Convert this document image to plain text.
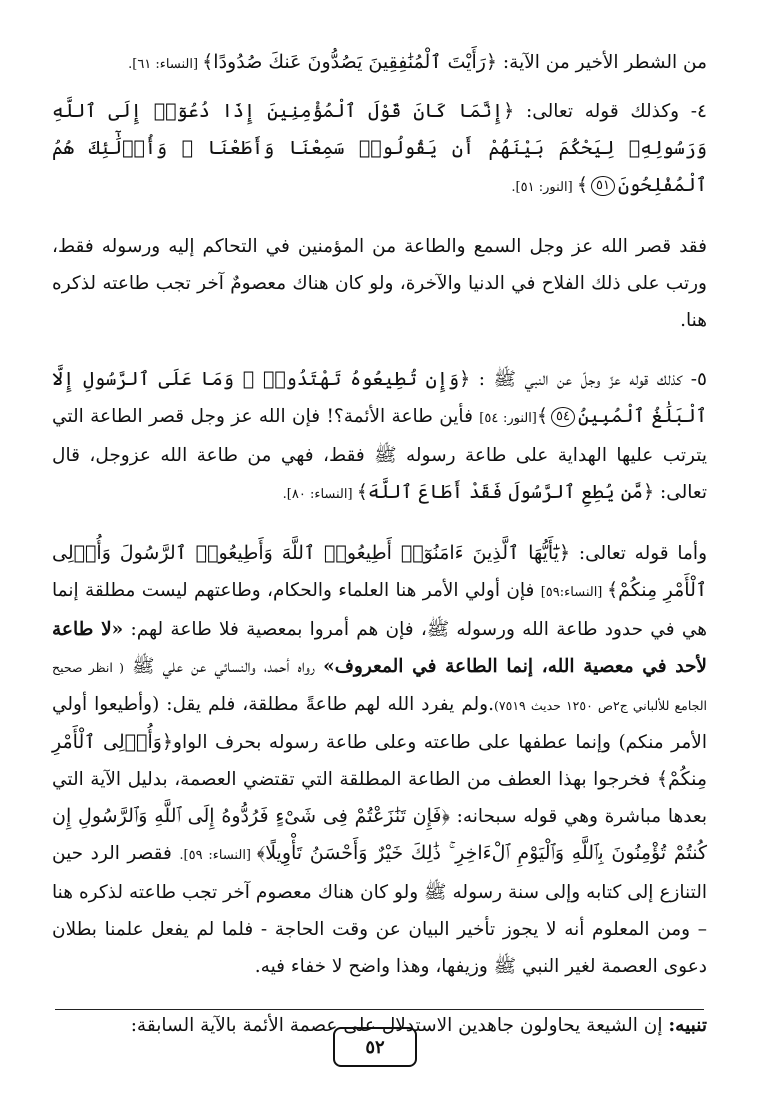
من الشطر الأخير من الآية: ﴿رَأَيْتَ ٱلْمُنَٰفِقِينَ يَصُدُّونَ عَنكَ صُدُودًا﴾ [النساء: ٦١].

٤- وكذلك قوله تعالى: ﴿إِنَّمَا كَانَ قَوْلَ ٱلْمُؤْمِنِينَ إِذَا دُعُوٓا۟ إِلَى ٱللَّهِ وَرَسُولِهِۦ لِيَحْكُمَ بَيْنَهُمْ أَن يَقُولُوا۟ سَمِعْنَا وَأَطَعْنَا ۚ وَأُو۟لَٰٓئِكَ هُمُ ٱلْمُفْلِحُونَ٥١﴾ [النور: ٥١].

فقد قصر الله عز وجل السمع والطاعة من المؤمنين في التحاكم إليه ورسوله فقط، ورتب على ذلك الفلاح في الدنيا والآخرة، ولو كان هناك معصومٌ آخر تجب طاعته لذكره هنا.

٥- كذلك قوله عزّ وجلّ عن النبي ﷺ : ﴿وَإِن تُطِيعُوهُ تَهْتَدُوا۟ ۚ وَمَا عَلَى ٱلرَّسُولِ إِلَّا ٱلْبَلَٰغُ ٱلْمُبِينُ٥٤﴾[النور: ٥٤] فأين طاعة الأئمة؟! فإن الله عز وجل قصر الطاعة التي يترتب عليها الهداية على طاعة رسوله ﷺ فقط، فهي من طاعة الله عزوجل، قال تعالى: ﴿مَّن يُطِعِ ٱلرَّسُولَ فَقَدْ أَطَاعَ ٱللَّهَ﴾ [النساء: ٨٠].

وأما قوله تعالى: ﴿يَٰٓأَيُّهَا ٱلَّذِينَ ءَامَنُوٓا۟ أَطِيعُوا۟ ٱللَّهَ وَأَطِيعُوا۟ ٱلرَّسُولَ وَأُو۟لِى ٱلْأَمْرِ مِنكُمْ﴾ [النساء:٥٩] فإن أولي الأمر هنا العلماء والحكام، وطاعتهم ليست مطلقة إنما هي في حدود طاعة الله ورسوله ﷺ، فإن هم أمروا بمعصية فلا طاعة لهم: «لا طاعة لأحد في معصية الله، إنما الطاعة في المعروف» رواه أحمد، والنسائي عن علي ﷺ ( انظر صحيح الجامع للألباني ج٢ص ١٢٥٠ حديث ٧٥١٩).ولم يفرد الله لهم طاعةً مطلقة، فلم يقل: (وأطيعوا أولي الأمر منكم) وإنما عطفها على طاعته وعلى طاعة رسوله بحرف الواو﴿وَأُو۟لِى ٱلْأَمْرِ مِنكُمْ﴾ فخرجوا بهذا العطف من الطاعة المطلقة التي تقتضي العصمة، بدليل الآية التي بعدها مباشرة وهي قوله سبحانه: ﴿فَإِن تَنَٰزَعْتُمْ فِى شَىْءٍ فَرُدُّوهُ إِلَى ٱللَّهِ وَٱلرَّسُولِ إِن كُنتُمْ تُؤْمِنُونَ بِٱللَّهِ وَٱلْيَوْمِ ٱلْءَاخِرِ ۚ ذَٰلِكَ خَيْرٌ وَأَحْسَنُ تَأْوِيلًا﴾ [النساء: ٥٩]. فقصر الرد حين التنازع إلى كتابه وإلى سنة رسوله ﷺ ولو كان هناك معصوم آخر تجب طاعته لذكره هنا – ومن المعلوم أنه لا يجوز تأخير البيان عن وقت الحاجة - فلما لم يفعل علمنا بطلان دعوى العصمة لغير النبي ﷺ وزيفها، وهذا واضح لا خفاء فيه.

تنبيه: إن الشيعة يحاولون جاهدين الاستدلال على عصمة الأئمة بالآية السابقة:

٥٢
